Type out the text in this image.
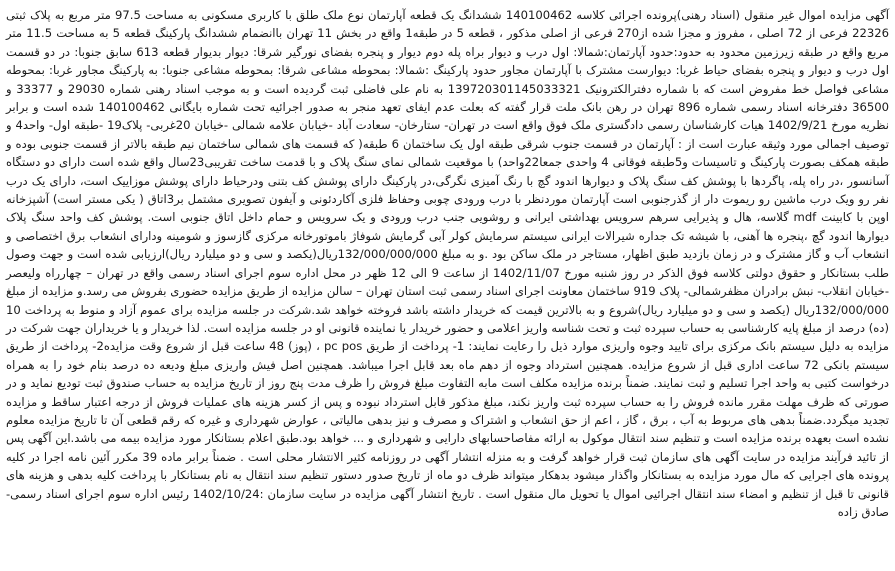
آگهی مزایده اموال غیر منقول (اسناد رهنی)پرونده اجرائی کلاسه 140100462 ششدانگ یک قطعه آپارتمان نوع ملک طلق با کاربری مسکونی به مساحت 97.5 متر مربع به پلاک ثبتی 22326 فرعی از 72 اصلی ، مفروز و مجزا شده از270 فرعی از اصلی مذکور ، قطعه 5 در طبقه1 واقع در بخش 11 تهران باانضمام ششدانگ پارکینگ قطعه 5 به مساحت 11.5 متر مربع واقع در طبقه زیرزمین محدود به حدود:حدود آپارتمان:شمالا: اول درب و دیوار براه پله دوم دیوار و پنجره بفضای نورگیر شرقا: دیوار بدیوار قطعه 613 سابق جنوبا: در دو قسمت اول درب و دیوار و پنجره بفضای حیاط غربا: دیوارست مشترک با آپارتمان مجاور حدود پارکینگ :شمالا: بمحوطه مشاعی شرقا: بمحوطه مشاعی جنوبا: به پارکینگ مجاور غربا: بمحوطه مشاعی فواصل خط مفروض است که با شماره دفترالکترونیک 139720301145033321 به نام علی فاضلی ثبت گردیده است و به موجب اسناد رهنی شماره 29030 و 33377 و 36500 دفترخانه اسناد رسمی شماره 896 تهران در رهن بانک ملت قرار گفته که بعلت عدم ایفای تعهد منجر به صدور اجرائیه تحت شماره بایگانی 140100462 شده است و برابر نظریه مورخ 1402/9/21 هیات کارشناسان رسمی دادگستری ملک فوق واقع است در تهران- ستارخان- سعادت آباد -خیابان علامه شمالی -خیابان 20غربی- پلاک19 -طبقه اول- واحد4 و توصیف اجمالی مورد وثیقه عبارت است از : آپارتمان در قسمت جنوب شرقی طبقه اول یک ساختمان 6 طبقه( که قسمت های شمالی ساختمان نیم طبقه بالاتر از قسمت جنوبی بوده و طبقه همکف بصورت پارکینگ و تاسیسات و5طبقه فوقانی 4 واحدی جمعا22واحد) با موقعیت شمالی نمای سنگ پلاک و با قدمت ساخت تقریبی23سال واقع شده است دارای دو دستگاه آسانسور ،در راه پله، پاگردها با پوشش کف سنگ پلاک و دیوارها اندود گچ با رنگ آمیزی نگرگی،در پارکینگ دارای پوشش کف بتنی ودرحیاط دارای پوشش موزاییک است، دارای یک درب نفر رو ویک درب ماشین رو ریموت دار از گذرجنوبی است آپارتمان موردنظر با درب ورودی چوبی وحفاظ فلزی آکاردئونی و آیفون تصویری مشتمل بر3اتاق ( یکی مستر است) آشپزخانه اوپن با کابینت mdf گلاسه، هال و پذیرایی سرهم سرویس بهداشتی ایرانی و روشویی جنب درب ورودی و یک سرویس و حمام داخل اتاق جنوبی است. پوشش کف واحد سنگ پلاک دیوارها اندود گچ ،پنجره ها آهنی، با شیشه تک جداره شیرالات ایرانی سیستم سرمایش کولر آبی گرمایش شوفاژ باموتورخانه مرکزی گازسوز و شومینه ودارای انشعاب برق اختصاصی و انشعاب آب و گاز مشترک و در زمان بازدید طبق اظهار، مستاجر در ملک ساکن بود .و به مبلغ 132/000/000/000ریال(یکصد و سی و دو میلیارد ریال)ارزیابی شده است و جهت وصول طلب بستانکار و حقوق دولتی کلاسه فوق الذکر در روز شنبه مورخ 1402/11/07 از ساعت 9 الی 12 ظهر در محل اداره سوم اجرای اسناد رسمی واقع در تهران – چهارراه ولیعصر -خیابان انقلاب- نبش برادران مظفرشمالی- پلاک 919 ساختمان معاونت اجرای اسناد رسمی ثبت استان تهران – سالن مزایده از طریق مزایده حضوری بفروش می رسد.و مزایده از مبلغ 132/000/000ریال (یکصد و سی و دو میلیارد ریال)شروع و به بالاترین قیمت که خریدار داشته باشد فروخته خواهد شد.شرکت در جلسه مزایده برای عموم آزاد و منوط به پرداخت 10 (ده) درصد از مبلغ پایه کارشناسی به حساب سپرده ثبت و تحت شناسه واریز اعلامی و حضور خریدار یا نماینده قانونی او در جلسه مزایده است. لذا خریدار و یا خریداران جهت شرکت در مزایده به دلیل سیستم بانک مرکزی برای تایید وجوه واریزی موارد ذیل را رعایت نمایند: 1- پرداخت از طریق pc pos ، (پوز) 48 ساعت قبل از شروع وقت مزایده2- پرداخت از طریق سیستم بانکی 72 ساعت اداری قبل از شروع مزایده. همچنین استرداد وجوه از دهم ماه بعد قابل اجرا میباشد. همچنین اصل فیش واریزی مبلغ ودیعه ده درصد بنام خود را به همراه درخواست کتبی به واحد اجرا تسلیم و ثبت نمایند. ضمناً برنده مزایده مکلف است مابه التفاوت مبلغ فروش را ظرف مدت پنج روز از تاریخ مزایده به حساب صندوق ثبت تودیع نماید و در صورتی که ظرف مهلت مقرر مانده فروش را به حساب سپرده ثبت واریز نکند، مبلغ مذکور قابل استرداد نبوده و پس از کسر هزینه های عملیات فروش از درجه اعتبار ساقط و مزایده تجدید میگردد.ضمناً بدهی های مربوط به آب ، برق ، گاز ، اعم از حق انشعاب و اشتراک و مصرف و نیز بدهی مالیاتی ، عوارض شهرداری و غیره که رقم قطعی آن تا تاریخ مزایده معلوم نشده است بعهده برنده مزایده است و تنظیم سند انتقال موکول به ارائه مفاصاحسابهای دارایی و شهرداری و ... خواهد بود.طبق اعلام بستانکار مورد مزایده بیمه می باشد.این آگهی پس از تائید فرآیند مزایده در سایت آگهی های سازمان ثبت قرار خواهد گرفت و به منزله انتشار آگهی در روزنامه کثیر الانتشار محلی است . ضمناً برابر ماده 39 مکرر آئین نامه اجرا در کلیه پرونده های اجرایی که مال مورد مزایده به بستانکار واگذار میشود بدهکار میتواند ظرف دو ماه از تاریخ صدور دستور تنظیم سند انتقال به نام بستانکار با پرداخت کلیه بدهی و هزینه های قانونی تا قبل از تنظیم و امضاء سند انتقال اجرائیی اموال یا تحویل مال منقول است . تاریخ انتشار آگهی مزایده در سایت سازمان :1402/10/24 رئیس اداره سوم اجرای اسناد رسمی- صادق زاده
